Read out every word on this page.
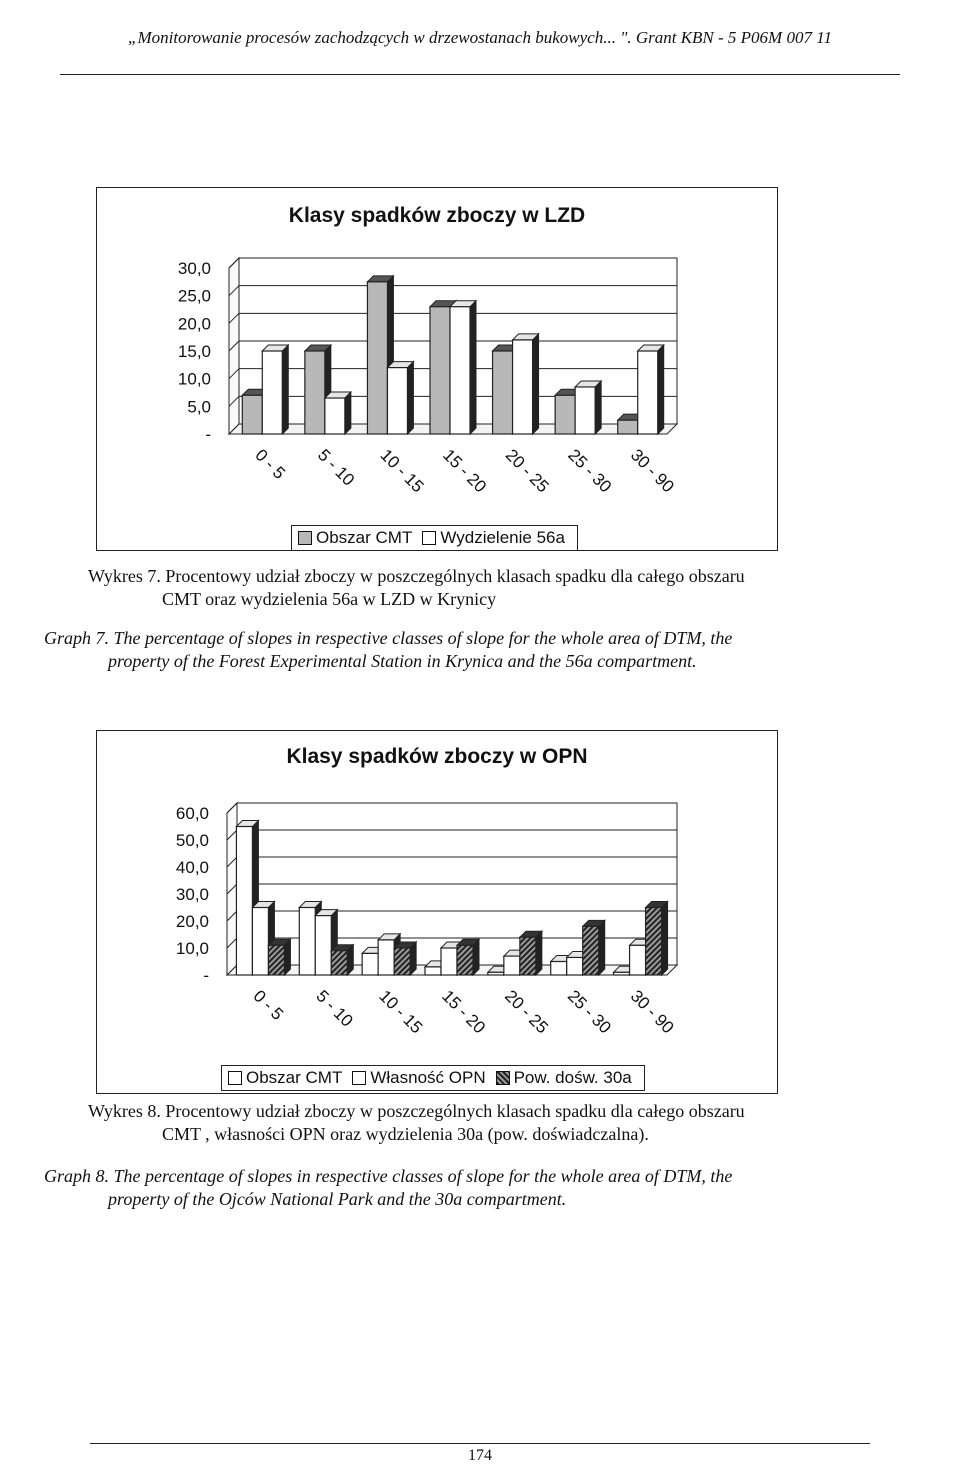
„Monitorowanie procesów zachodzących w drzewostanach bukowych... ". Grant KBN - 5 P06M 007 11
Klasy spadków zboczy w LZD
-
5,0
10,0
15,0
20,0
25,0
30,0
0 - 5 5 - 10 10 - 15 15 - 20 20 - 25 25 - 30 30 - 90
Obszar CMT Wydzielenie 56a
Wykres 7. Procentowy udział zboczy w poszczególnych klasach spadku dla całego obszaru
CMT oraz wydzielenia 56a w LZD w Krynicy
Graph 7. The percentage of slopes in respective classes of slope for the whole area of DTM, the
property of the Forest Experimental Station in Krynica and the 56a compartment.
Klasy spadków zboczy w OPN
-
10,0
20,0
30,0
40,0
50,0
60,0
0 - 5 5 - 10 10 - 15 15 - 20 20 - 25 25 - 30 30 - 90
Obszar CMT Własność OPN Pow. dośw. 30a
Wykres 8. Procentowy udział zboczy w poszczególnych klasach spadku dla całego obszaru
CMT , własności OPN oraz wydzielenia 30a (pow. doświadczalna).
Graph 8. The percentage of slopes in respective classes of slope for the whole area of DTM, the
property of the Ojców National Park and the 30a compartment.
174
